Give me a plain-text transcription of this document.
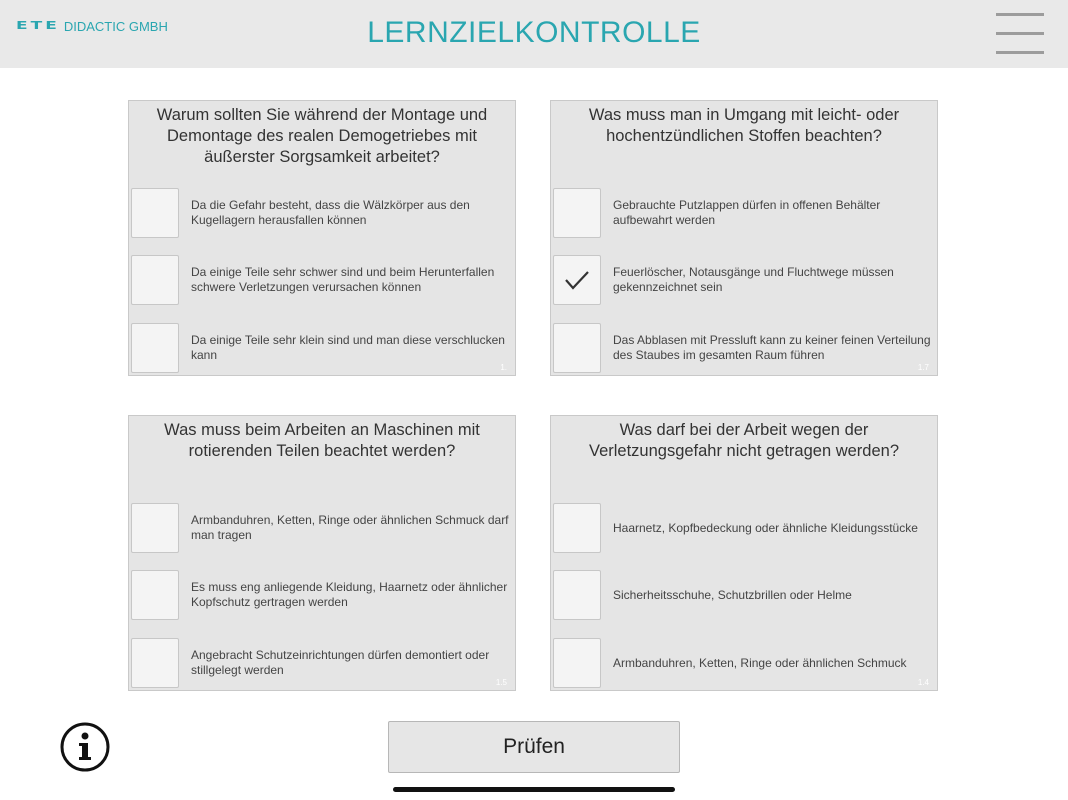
ETE DIDACTIC GMBH	LERNZIELKONTROLLE
Warum sollten Sie während der Montage und Demontage des realen Demogetriebes mit äußerster Sorgsamkeit arbeitet?
Da die Gefahr besteht, dass die Wälzkörper aus den Kugellagern herausfallen können
Da einige Teile sehr schwer sind und beim Herunterfallen schwere Verletzungen verursachen können
Da einige Teile sehr klein sind und man diese verschlucken kann
1.
Was muss man in Umgang mit leicht- oder hochentzündlichen Stoffen beachten?
Gebrauchte Putzlappen dürfen in offenen Behälter aufbewahrt werden
Feuerlöscher, Notausgänge und Fluchtwege müssen gekennzeichnet sein
Das Abblasen mit Pressluft kann zu keiner feinen Verteilung des Staubes im gesamten Raum führen
1.7
Was muss beim Arbeiten an Maschinen mit rotierenden Teilen beachtet werden?
Armbanduhren, Ketten, Ringe oder ähnlichen Schmuck darf man tragen
Es muss eng anliegende Kleidung, Haarnetz oder ähnlicher Kopfschutz gertragen werden
Angebracht Schutzeinrichtungen dürfen demontiert oder stillgelegt werden
1.5
Was darf bei der Arbeit wegen der Verletzungsgefahr nicht getragen werden?
Haarnetz, Kopfbedeckung oder ähnliche Kleidungsstücke
Sicherheitsschuhe, Schutzbrillen oder Helme
Armbanduhren, Ketten, Ringe oder ähnlichen Schmuck
1.4
Prüfen
